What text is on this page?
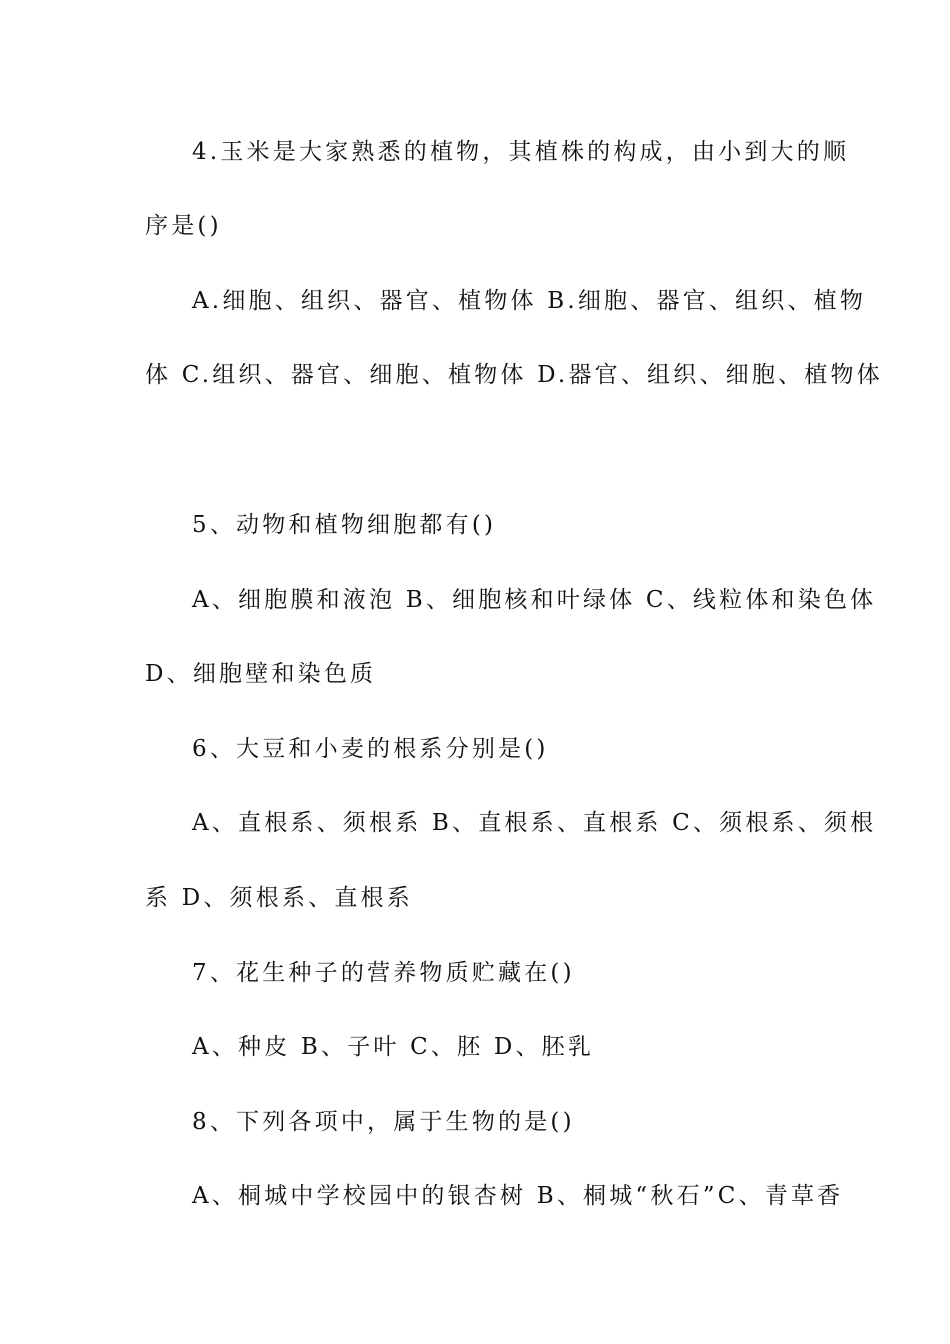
4.玉米是大家熟悉的植物，其植株的构成，由小到大的顺
序是()
A.细胞、组织、器官、植物体 B.细胞、器官、组织、植物
体 C.组织、器官、细胞、植物体 D.器官、组织、细胞、植物体
5、动物和植物细胞都有()
A、细胞膜和液泡 B、细胞核和叶绿体 C、线粒体和染色体
D、细胞壁和染色质
6、大豆和小麦的根系分别是()
A、直根系、须根系 B、直根系、直根系 C、须根系、须根
系 D、须根系、直根系
7、花生种子的营养物质贮藏在()
A、种皮 B、子叶 C、胚 D、胚乳
8、下列各项中，属于生物的是()
A、桐城中学校园中的银杏树 B、桐城“秋石”C、青草香
